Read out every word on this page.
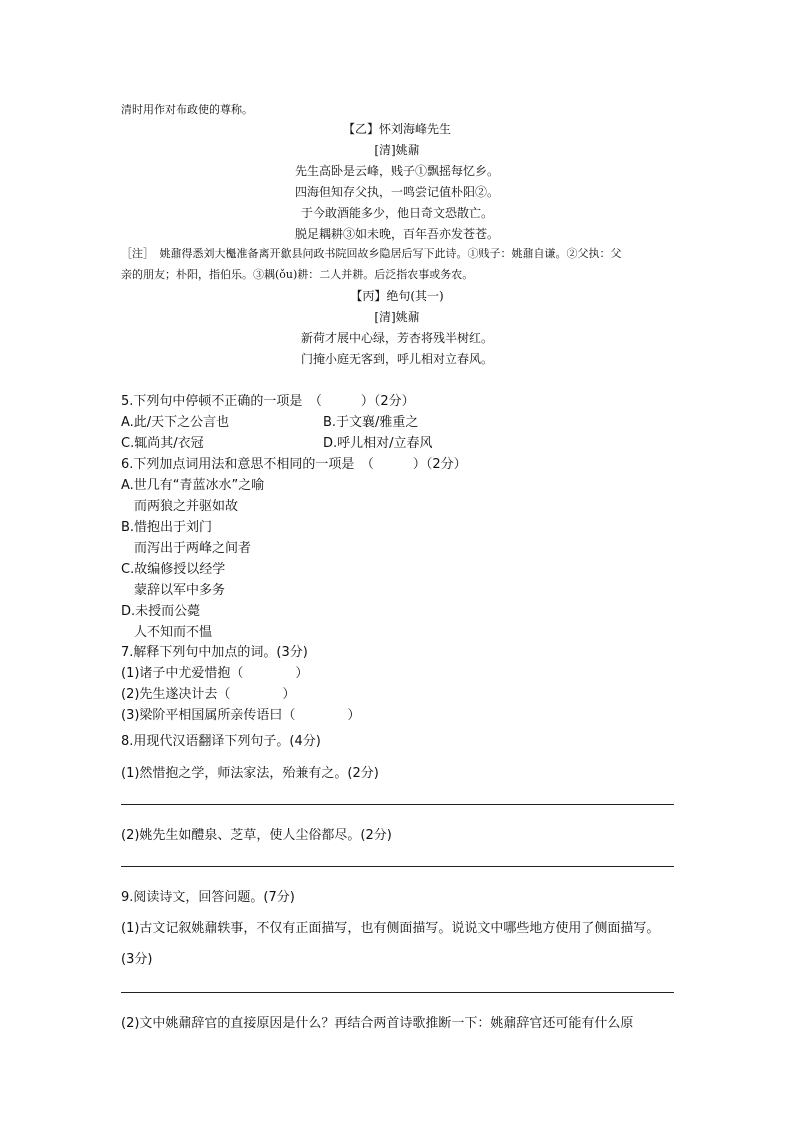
清时用作对布政使的尊称。
【乙】怀刘海峰先生
[清]姚鼐
先生高卧是云峰，贱子①飘摇每忆乡。
四海但知存父执，一鸣尝记值朴阳②。
于今敢酒能多少，他日奇文恐散亡。
脱足耦耕③如未晚，百年吾亦发苍苍。
［注］　姚鼐得悉刘大櫆准备离开歙县问政书院回故乡隐居后写下此诗。①贱子：姚鼐自谦。②父执：父
亲的朋友；朴阳，指伯乐。③耦(ǒu)耕：二人并耕。后泛指农事或务农。
【丙】绝句(其一)
[清]姚鼐
新荷才展中心绿，芳杏将残半树红。
门掩小庭无客到，呼儿相对立春风。
5.下列句中停顿不正确的一项是　（　　　）（2分）
A.此/天下之公言也	B.于文襄/雅重之
C.辄尚其/衣冠	D.呼儿相对/立春风
6.下列加点词用法和意思不相同的一项是　（　　　）（2分）
A.世几有“青蓝冰水”之喻
而两狼之并驱如故
B.惜抱出于刘门
而泻出于两峰之间者
C.故编修授以经学
蒙辞以军中多务
D.未授而公薨
人不知而不愠
7.解释下列句中加点的词。(3分)
(1)诸子中尤爱惜抱（　　　　）
(2)先生遂决计去（　　　　）
(3)梁阶平相国属所亲传语曰（　　　　）
8.用现代汉语翻译下列句子。(4分)
(1)然惜抱之学，师法家法，殆兼有之。(2分)
(2)姚先生如醴泉、芝草，使人尘俗都尽。(2分)
9.阅读诗文，回答问题。(7分)
(1)古文记叙姚鼐轶事，不仅有正面描写，也有侧面描写。说说文中哪些地方使用了侧面描写。
(3分)
(2)文中姚鼐辞官的直接原因是什么？再结合两首诗歌推断一下：姚鼐辞官还可能有什么原
